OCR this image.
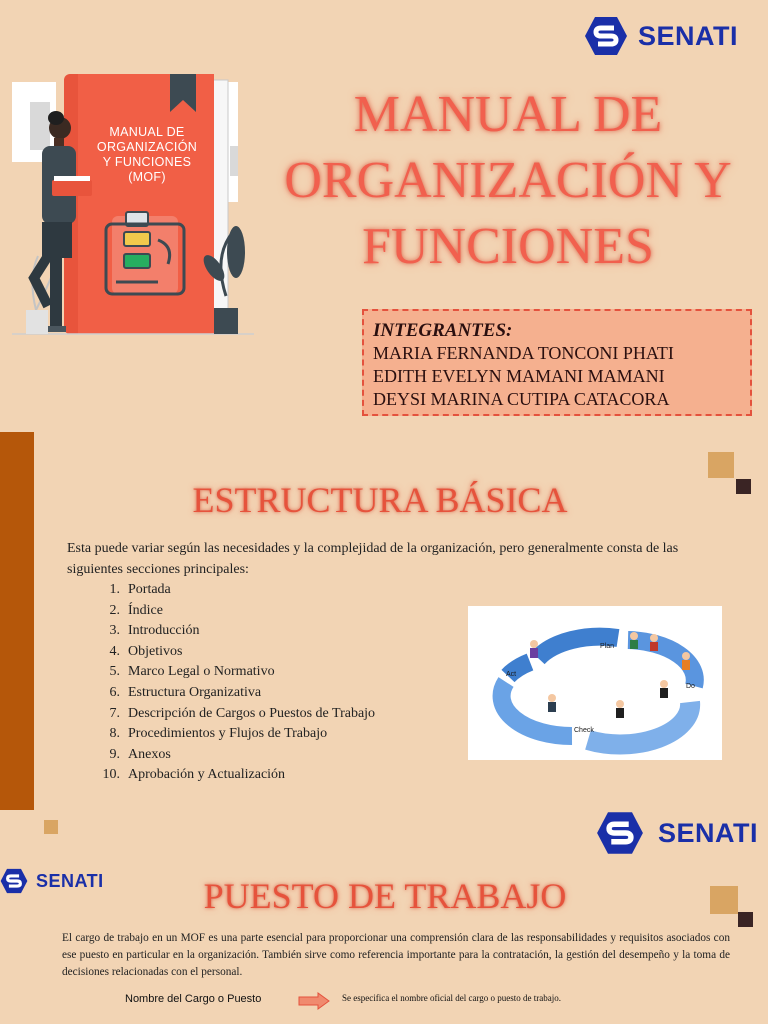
SENATI
MANUAL DE
ORGANIZACIÓN
Y FUNCIONES
(MOF)
MANUAL DE
ORGANIZACIÓN Y
FUNCIONES
INTEGRANTES:
MARIA FERNANDA TONCONI PHATI
EDITH EVELYN MAMANI MAMANI
DEYSI MARINA CUTIPA CATACORA
ESTRUCTURA BÁSICA
Esta puede variar según las necesidades y la complejidad de la organización, pero generalmente consta de las siguientes secciones principales:
1. Portada
2. Índice
3. Introducción
4. Objetivos
5. Marco Legal o Normativo
6. Estructura Organizativa
7. Descripción de Cargos o Puestos de Trabajo
8. Procedimientos y Flujos de Trabajo
9. Anexos
10. Aprobación y Actualización
Plan
Do
Check
Act
SENATI
SENATI	PUESTO DE TRABAJO
El cargo de trabajo en un MOF es una parte esencial para proporcionar una comprensión clara de las responsabilidades y requisitos asociados con ese puesto en particular en la organización. También sirve como referencia importante para la contratación, la gestión del desempeño y la toma de decisiones relacionadas con el personal.
Nombre del Cargo o Puesto	Se especifica el nombre oficial del cargo o puesto de trabajo.
